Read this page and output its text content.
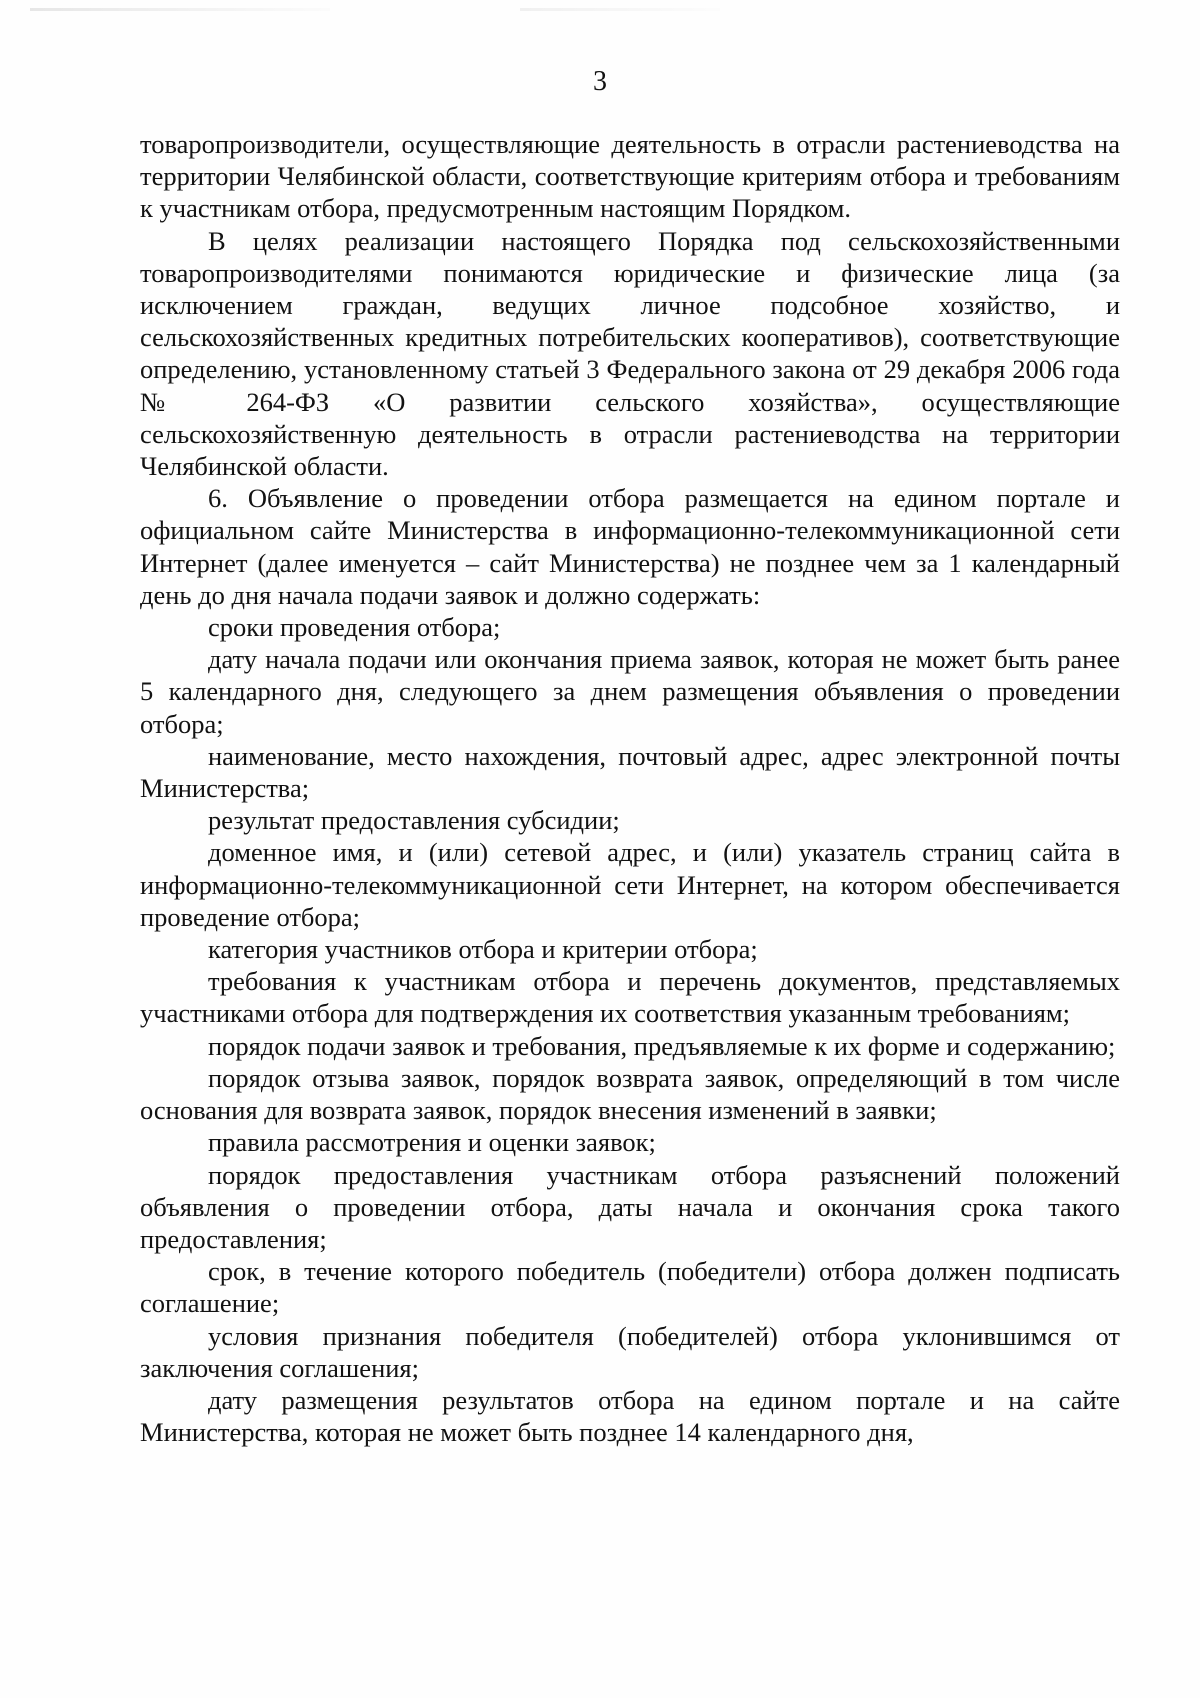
3

товаропроизводители, осуществляющие деятельность в отрасли растениеводства на территории Челябинской области, соответствующие критериям отбора и требованиям к участникам отбора, предусмотренным настоящим Порядком.

В целях реализации настоящего Порядка под сельскохозяйственными товаропроизводителями понимаются юридические и физические лица (за исключением граждан, ведущих личное подсобное хозяйство, и сельскохозяйственных кредитных потребительских кооперативов), соответствующие определению, установленному статьей 3 Федерального закона от 29 декабря 2006 года № 264-ФЗ «О развитии сельского хозяйства», осуществляющие сельскохозяйственную деятельность в отрасли растениеводства на территории Челябинской области.

6. Объявление о проведении отбора размещается на едином портале и официальном сайте Министерства в информационно-телекоммуникационной сети Интернет (далее именуется – сайт Министерства) не позднее чем за 1 календарный день до дня начала подачи заявок и должно содержать:

сроки проведения отбора;

дату начала подачи или окончания приема заявок, которая не может быть ранее 5 календарного дня, следующего за днем размещения объявления о проведении отбора;

наименование, место нахождения, почтовый адрес, адрес электронной почты Министерства;

результат предоставления субсидии;

доменное имя, и (или) сетевой адрес, и (или) указатель страниц сайта в информационно-телекоммуникационной сети Интернет, на котором обеспечивается проведение отбора;

категория участников отбора и критерии отбора;

требования к участникам отбора и перечень документов, представляемых участниками отбора для подтверждения их соответствия указанным требованиям;

порядок подачи заявок и требования, предъявляемые к их форме и содержанию;

порядок отзыва заявок, порядок возврата заявок, определяющий в том числе основания для возврата заявок, порядок внесения изменений в заявки;

правила рассмотрения и оценки заявок;

порядок предоставления участникам отбора разъяснений положений объявления о проведении отбора, даты начала и окончания срока такого предоставления;

срок, в течение которого победитель (победители) отбора должен подписать соглашение;

условия признания победителя (победителей) отбора уклонившимся от заключения соглашения;

дату размещения результатов отбора на едином портале и на сайте Министерства, которая не может быть позднее 14 календарного дня,
